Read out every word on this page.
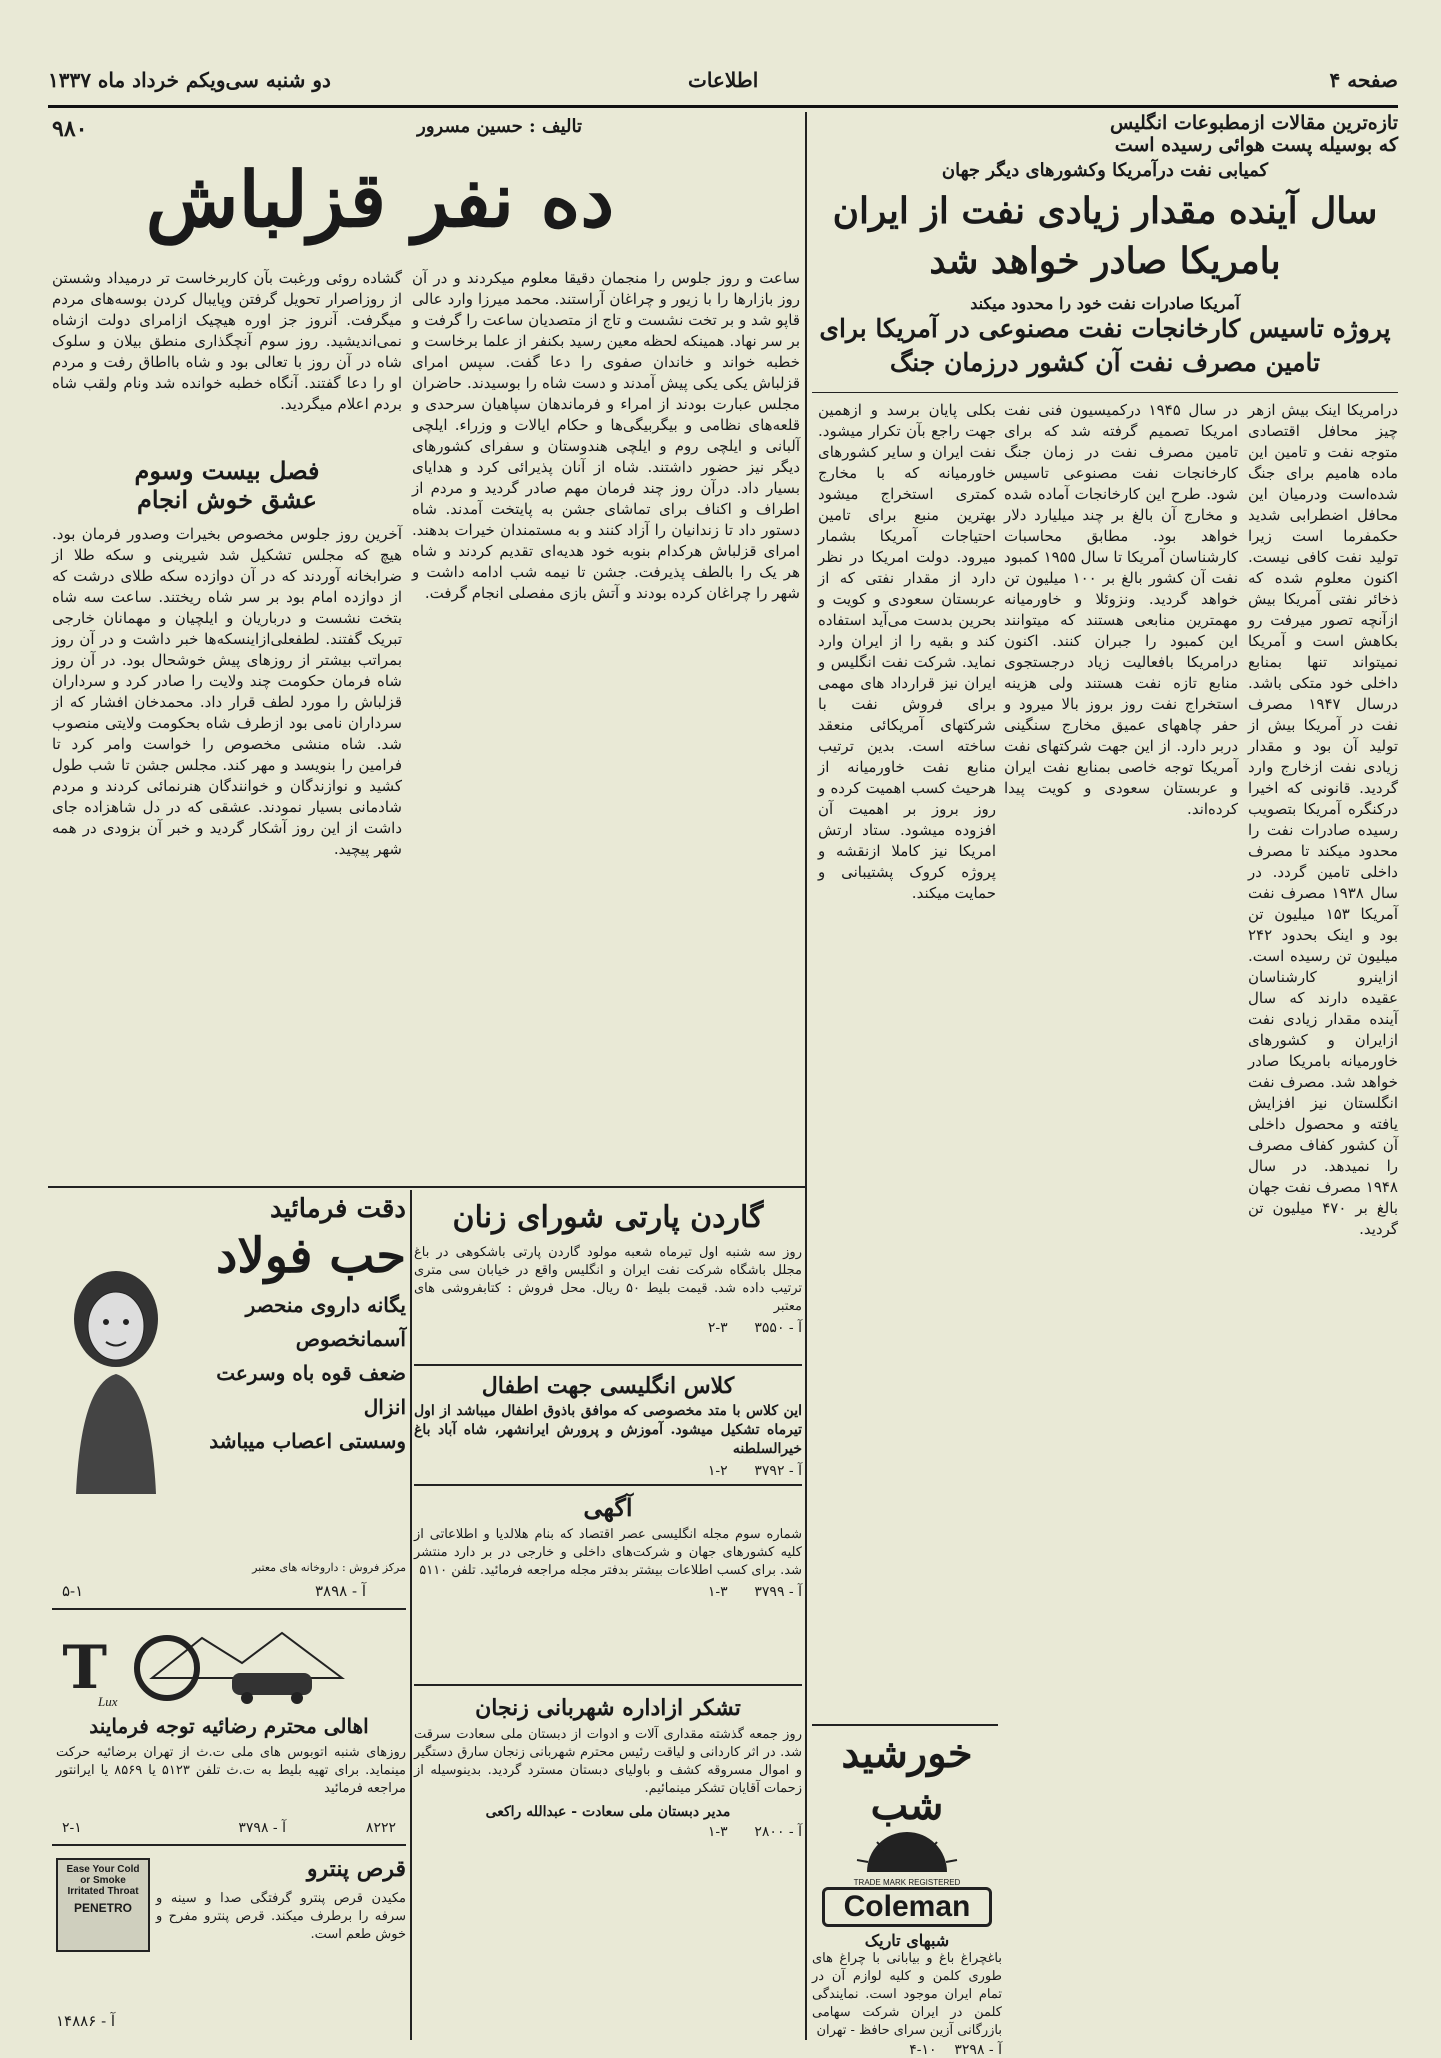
صفحه ۴
اطلاعات
دو شنبه سی‌ویکم خرداد ماه ۱۳۳۷
تازه‌ترین مقالات ازمطبوعات انگلیس
که بوسیله پست هوائی رسیده است
کمیابی نفت درآمریکا وکشورهای دیگر جهان
سال آینده مقدار زیادی نفت از ایران
بامریکا صادر خواهد شد
آمریکا صادرات نفت خود را محدود میکند
پروژه تاسیس کارخانجات نفت مصنوعی در آمریکا برای
تامین مصرف نفت آن کشور درزمان جنگ
درامریکا اینک بیش ازهر چیز محافل اقتصادی متوجه نفت و تامین این ماده هامیم برای جنگ شده‌است ودرمیان این محافل اضطرابی شدید حکمفرما است زیرا تولید نفت کافی نیست. اکنون معلوم شده که ذخائر نفتی آمریکا بیش ازآنچه تصور میرفت رو بکاهش است و آمریکا نمیتواند تنها بمنابع داخلی خود متکی باشد. درسال ۱۹۴۷ مصرف نفت در آمریکا بیش از تولید آن بود و مقدار زیادی نفت ازخارج وارد گردید. قانونی که اخیرا درکنگره آمریکا بتصویب رسیده صادرات نفت را محدود میکند تا مصرف داخلی تامین گردد. در سال ۱۹۳۸ مصرف نفت آمریکا ۱۵۳ میلیون تن بود و اینک بحدود ۲۴۲ میلیون تن رسیده است. ازاینرو کارشناسان عقیده دارند که سال آینده مقدار زیادی نفت ازایران و کشورهای خاورمیانه بامریکا صادر خواهد شد. مصرف نفت انگلستان نیز افزایش یافته و محصول داخلی آن کشور کفاف مصرف را نمیدهد. در سال ۱۹۴۸ مصرف نفت جهان بالغ بر ۴۷۰ میلیون تن گردید.
در سال ۱۹۴۵ درکمیسیون فنی نفت امریکا تصمیم گرفته شد که برای تامین مصرف نفت در زمان جنگ کارخانجات نفت مصنوعی تاسیس شود. طرح این کارخانجات آماده شده و مخارج آن بالغ بر چند میلیارد دلار خواهد بود. مطابق محاسبات کارشناسان آمریکا تا سال ۱۹۵۵ کمبود نفت آن کشور بالغ بر ۱۰۰ میلیون تن خواهد گردید. ونزوئلا و خاورمیانه مهمترین منابعی هستند که میتوانند این کمبود را جبران کنند. اکنون درامریکا بافعالیت زیاد درجستجوی منابع تازه نفت هستند ولی هزینه استخراج نفت روز بروز بالا میرود و حفر چاههای عمیق مخارج سنگینی دربر دارد. از این جهت شرکتهای نفت آمریکا توجه خاصی بمنابع نفت ایران و عربستان سعودی و کویت پیدا کرده‌اند.
بکلی پایان برسد و ازهمین جهت راجع بآن تکرار میشود. نفت ایران و سایر کشورهای خاورمیانه که با مخارج کمتری استخراج میشود بهترین منبع برای تامین احتیاجات آمریکا بشمار میرود. دولت امریکا در نظر دارد از مقدار نفتی که از عربستان سعودی و کویت و بحرین بدست می‌آید استفاده کند و بقیه را از ایران وارد نماید. شرکت نفت انگلیس و ایران نیز قرارداد های مهمی برای فروش نفت با شرکتهای آمریکائی منعقد ساخته است. بدین ترتیب منابع نفت خاورمیانه از هرحیث کسب اهمیت کرده و روز بروز بر اهمیت آن افزوده میشود. ستاد ارتش امریکا نیز کاملا ازنقشه و پروژه کروک پشتیبانی و حمایت میکند.
خورشید شب
TRADE MARK REGISTERED
Coleman
شبهای تاریک
باغچراغ باغ و بیابانی با چراغ های طوری کلمن و کلیه لوازم آن در تمام ایران موجود است. نمایندگی کلمن در ایران شرکت سهامی بازرگانی آزین سرای حافظ - تهران
آ - ۳۲۹۸    ۱۰-۴
۹۸۰	تالیف : حسین مسرور
ده نفر قزلباش
ساعت و روز جلوس را منجمان دقیقا معلوم میکردند و در آن روز بازارها را با زیور و چراغان آراستند. محمد میرزا وارد عالی قاپو شد و بر تخت نشست و تاج از متصدیان ساعت را گرفت و بر سر نهاد. همینکه لحظه معین رسید بکنفر از علما برخاست و خطبه خواند و خاندان صفوی را دعا گفت. سپس امرای قزلباش یکی یکی پیش آمدند و دست شاه را بوسیدند. حاضران مجلس عبارت بودند از امراء و فرماندهان سپاهیان سرحدی و قلعه‌های نظامی و بیگربیگی‌ها و حکام ایالات و وزراء. ایلچی آلبانی و ایلچی روم و ایلچی هندوستان و سفرای کشورهای دیگر نیز حضور داشتند. شاه از آنان پذیرائی کرد و هدایای بسیار داد. درآن روز چند فرمان مهم صادر گردید و مردم از اطراف و اکناف برای تماشای جشن به پایتخت آمدند. شاه دستور داد تا زندانیان را آزاد کنند و به مستمندان خیرات بدهند. امرای قزلباش هرکدام بنوبه خود هدیه‌ای تقدیم کردند و شاه هر یک را بالطف پذیرفت. جشن تا نیمه شب ادامه داشت و شهر را چراغان کرده بودند و آتش بازی مفصلی انجام گرفت.
گشاده روئی ورغبت بآن کاربرخاست تر درمیداد وشستن از روزاصرار تحویل گرفتن وپایبال کردن بوسه‌های مردم میگرفت. آنروز جز اوره هیچیک ازامرای دولت ازشاه نمی‌اندیشید. روز سوم آنچگذاری منطق بیلان و سلوک شاه در آن روز با تعالی بود و شاه بااطاق رفت و مردم او را دعا گفتند. آنگاه خطبه خوانده شد ونام ولقب شاه بردم اعلام میگردید.
فصل بیست وسوم
عشق خوش انجام
آخرین روز جلوس مخصوص بخیرات وصدور فرمان بود. هیچ که مجلس تشکیل شد شیرینی و سکه طلا از ضرابخانه آوردند که در آن دوازده سکه طلای درشت که از دوازده امام بود بر سر شاه ریختند. ساعت سه شاه بتخت نشست و درباریان و ایلچیان و مهمانان خارجی تبریک گفتند. لطفعلی‌ازاینسکه‌ها خبر داشت و در آن روز بمراتب بیشتر از روزهای پیش خوشحال بود. در آن روز شاه فرمان حکومت چند ولایت را صادر کرد و سرداران قزلباش را مورد لطف قرار داد. محمدخان افشار که از سرداران نامی بود ازطرف شاه بحکومت ولایتی منصوب شد. شاه منشی مخصوص را خواست وامر کرد تا فرامین را بنویسد و مهر کند. مجلس جشن تا شب طول کشید و نوازندگان و خوانندگان هنرنمائی کردند و مردم شادمانی بسیار نمودند. عشقی که در دل شاهزاده جای داشت از این روز آشکار گردید و خبر آن بزودی در همه شهر پیچید.
دقت فرمائید
حب فولاد
یگانه داروی منحصر آسمانخصوص
ضعف قوه باه وسرعت انزال
وسستی اعصاب میباشد
مرکز فروش : داروخانه های معتبر
۵-۱	آ - ۳۸۹۸
T
Lux
اهالی محترم رضائیه توجه فرمایند
روزهای شنبه اتوبوس های ملی ت.ث از تهران برضائیه حرکت مینماید. برای تهیه بلیط به ت.ث تلفن ۵۱۲۳ یا ۸۵۶۹ یا ایرانتور مراجعه فرمائید
۸۲۲۲
آ - ۳۷۹۸
۲-۱
Ease Your Cold or Smoke Irritated Throat
PENETRO
قرص پنترو
مکیدن قرص پنترو گرفتگی صدا و سینه و سرفه را برطرف میکند. قرص پنترو مفرح و خوش طعم است.
آ - ۱۴۸۸۶
گاردن پارتی شورای زنان
روز سه شنبه اول تیرماه شعبه مولود گاردن پارتی باشکوهی در باغ مجلل باشگاه شرکت نفت ایران و انگلیس واقع در خیابان سی متری ترتیب داده شد. قیمت بلیط ۵۰ ریال. محل فروش : کتابفروشی های معتبر
آ - ۳۵۵۰      ۳-۲
کلاس انگلیسی جهت اطفال
این کلاس با متد مخصوصی که موافق باذوق اطفال میباشد از اول تیرماه تشکیل میشود. آموزش و پرورش ایرانشهر، شاه آباد باغ خیرالسلطنه
آ - ۳۷۹۲      ۲-۱
آگهی
شماره سوم مجله انگلیسی عصر اقتصاد که بنام هلالدیا و اطلاعاتی از کلیه کشورهای جهان و شرکت‌های داخلی و خارجی در بر دارد منتشر شد. برای کسب اطلاعات بیشتر بدفتر مجله مراجعه فرمائید. تلفن ۵۱۱۰
آ - ۳۷۹۹      ۳-۱
تشکر ازاداره شهربانی زنجان
روز جمعه گذشته مقداری آلات و ادوات از دبستان ملی سعادت سرقت شد. در اثر کاردانی و لیاقت رئیس محترم شهربانی زنجان سارق دستگیر و اموال مسروقه کشف و باولیای دبستان مسترد گردید. بدینوسیله از زحمات آقایان تشکر مینمائیم.
مدیر دبستان ملی سعادت - عبدالله راکعی
آ - ۲۸۰۰      ۳-۱
